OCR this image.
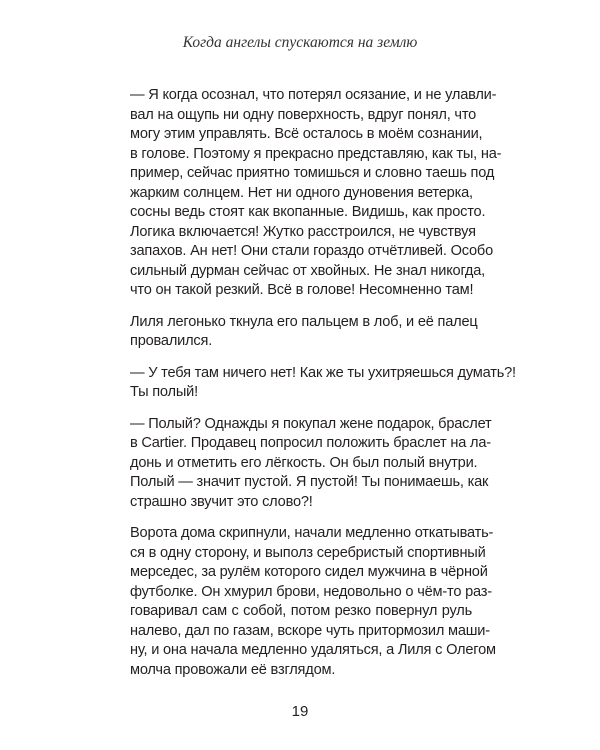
Когда ангелы спускаются на землю
— Я когда осознал, что потерял осязание, и не улавли-
вал на ощупь ни одну поверхность, вдруг понял, что
могу этим управлять. Всё осталось в моём сознании,
в голове. Поэтому я прекрасно представляю, как ты, на-
пример, сейчас приятно томишься и словно таешь под
жарким солнцем. Нет ни одного дуновения ветерка,
сосны ведь стоят как вкопанные. Видишь, как просто.
Логика включается! Жутко расстроился, не чувствуя
запахов. Ан нет! Они стали гораздо отчётливей. Особо
сильный дурман сейчас от хвойных. Не знал никогда,
что он такой резкий. Всё в голове! Несомненно там!
Лиля легонько ткнула его пальцем в лоб, и её палец
провалился.
— У тебя там ничего нет! Как же ты ухитряешься думать?!
Ты полый!
— Полый? Однажды я покупал жене подарок, браслет
в Cartier. Продавец попросил положить браслет на ла-
донь и отметить его лёгкость. Он был полый внутри.
Полый — значит пустой. Я пустой! Ты понимаешь, как
страшно звучит это слово?!
Ворота дома скрипнули, начали медленно откатывать-
ся в одну сторону, и выполз серебристый спортивный
мерседес, за рулём которого сидел мужчина в чёрной
футболке. Он хмурил брови, недовольно о чём-то раз-
говаривал сам с собой, потом резко повернул руль
налево, дал по газам, вскоре чуть притормозил маши-
ну, и она начала медленно удаляться, а Лиля с Олегом
молча провожали её взглядом.
19
